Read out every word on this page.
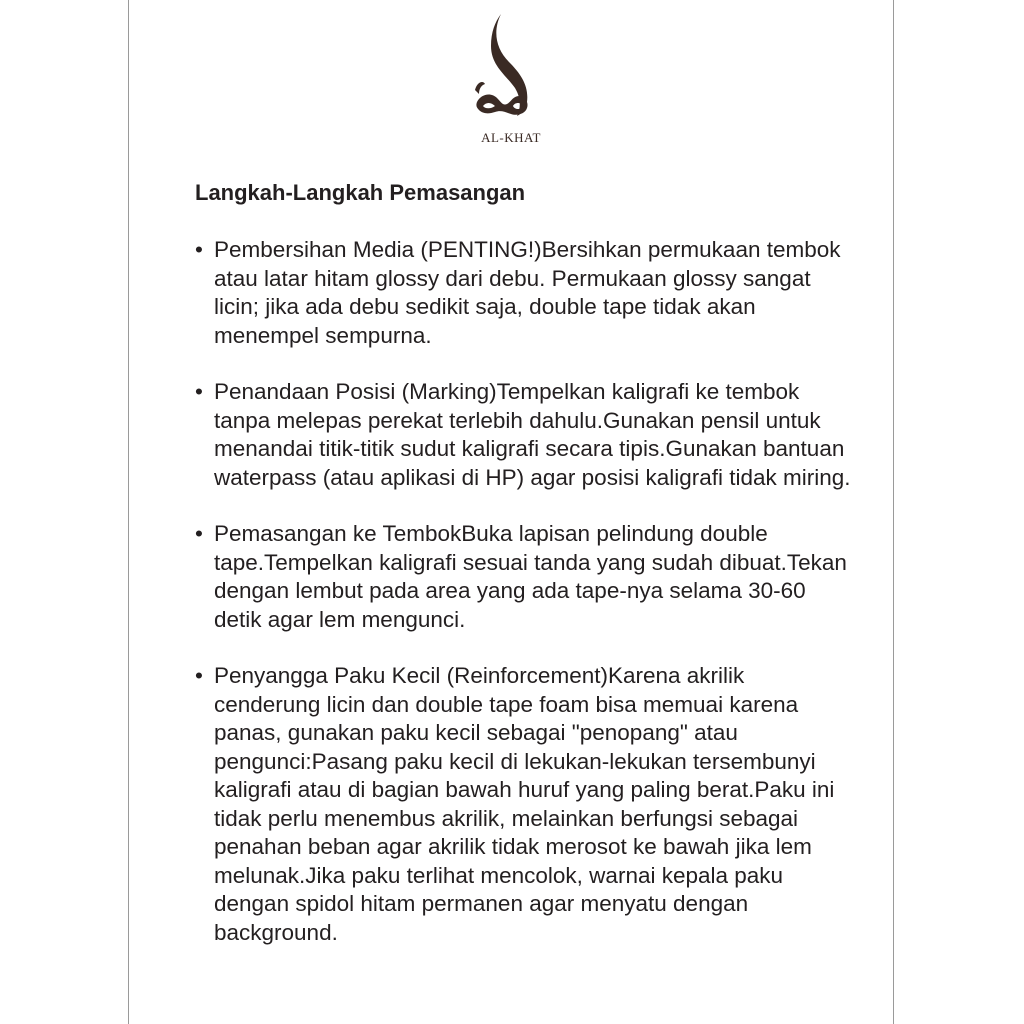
AL-KHAT
Langkah-Langkah Pemasangan
• Pembersihan Media (PENTING!)Bersihkan permukaan tembok atau latar hitam glossy dari debu. Permukaan glossy sangat licin; jika ada debu sedikit saja, double tape tidak akan menempel sempurna.
• Penandaan Posisi (Marking)Tempelkan kaligrafi ke tembok tanpa melepas perekat terlebih dahulu.Gunakan pensil untuk menandai titik-titik sudut kaligrafi secara tipis.Gunakan bantuan waterpass (atau aplikasi di HP) agar posisi kaligrafi tidak miring.
• Pemasangan ke TembokBuka lapisan pelindung double tape.Tempelkan kaligrafi sesuai tanda yang sudah dibuat.Tekan dengan lembut pada area yang ada tape-nya selama 30-60 detik agar lem mengunci.
• Penyangga Paku Kecil (Reinforcement)Karena akrilik cenderung licin dan double tape foam bisa memuai karena panas, gunakan paku kecil sebagai "penopang" atau pengunci:Pasang paku kecil di lekukan-lekukan tersembunyi kaligrafi atau di bagian bawah huruf yang paling berat.Paku ini tidak perlu menembus akrilik, melainkan berfungsi sebagai penahan beban agar akrilik tidak merosot ke bawah jika lem melunak.Jika paku terlihat mencolok, warnai kepala paku dengan spidol hitam permanen agar menyatu dengan background.
